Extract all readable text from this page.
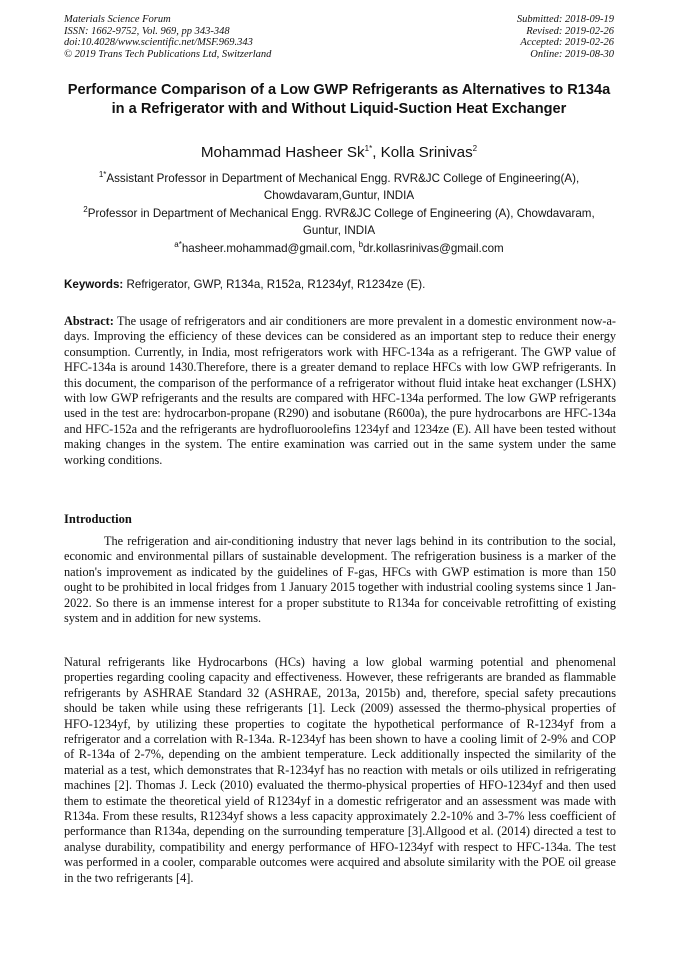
Materials Science Forum
ISSN: 1662-9752, Vol. 969, pp 343-348
doi:10.4028/www.scientific.net/MSF.969.343
© 2019 Trans Tech Publications Ltd, Switzerland
Submitted: 2018-09-19
Revised: 2019-02-26
Accepted: 2019-02-26
Online: 2019-08-30
Performance Comparison of a Low GWP Refrigerants as Alternatives to R134a in a Refrigerator with and Without Liquid-Suction Heat Exchanger
Mohammad Hasheer $Sk^{1*}$, Kolla Srinivas$^2$
$^{1*}$Assistant Professor in Department of Mechanical Engg. RVR&JC College of Engineering(A), Chowdavaram,Guntur, INDIA
$^2$Professor in Department of Mechanical Engg. RVR&JC College of Engineering (A), Chowdavaram, Guntur, INDIA
$^{a*}$hasheer.mohammad@gmail.com, $^b$dr.kollasrinivas@gmail.com
Keywords: Refrigerator, GWP, R134a, R152a, R1234yf, R1234ze (E).
Abstract: The usage of refrigerators and air conditioners are more prevalent in a domestic environment now-a-days. Improving the efficiency of these devices can be considered as an important step to reduce their energy consumption. Currently, in India, most refrigerators work with HFC-134a as a refrigerant. The GWP value of HFC-134a is around 1430.Therefore, there is a greater demand to replace HFCs with low GWP refrigerants. In this document, the comparison of the performance of a refrigerator without fluid intake heat exchanger (LSHX) with low GWP refrigerants and the results are compared with HFC-134a performed. The low GWP refrigerants used in the test are: hydrocarbon-propane (R290) and isobutane (R600a), the pure hydrocarbons are HFC-134a and HFC-152a and the refrigerants are hydrofluoroolefins 1234yf and 1234ze (E). All have been tested without making changes in the system. The entire examination was carried out in the same system under the same working conditions.
Introduction
The refrigeration and air-conditioning industry that never lags behind in its contribution to the social, economic and environmental pillars of sustainable development. The refrigeration business is a marker of the nation's improvement as indicated by the guidelines of F-gas, HFCs with GWP estimation is more than 150 ought to be prohibited in local fridges from 1 January 2015 together with industrial cooling systems since 1 Jan-2022. So there is an immense interest for a proper substitute to R134a for conceivable retrofitting of existing system and in addition for new systems.
Natural refrigerants like Hydrocarbons (HCs) having a low global warming potential and phenomenal properties regarding cooling capacity and effectiveness. However, these refrigerants are branded as flammable refrigerants by ASHRAE Standard 32 (ASHRAE, 2013a, 2015b) and, therefore, special safety precautions should be taken while using these refrigerants [1]. Leck (2009) assessed the thermo-physical properties of HFO-1234yf, by utilizing these properties to cogitate the hypothetical performance of R-1234yf from a refrigerator and a correlation with R-134a. R-1234yf has been shown to have a cooling limit of 2-9% and COP of R-134a of 2-7%, depending on the ambient temperature. Leck additionally inspected the similarity of the material as a test, which demonstrates that R-1234yf has no reaction with metals or oils utilized in refrigerating machines [2]. Thomas J. Leck (2010) evaluated the thermo-physical properties of HFO-1234yf and then used them to estimate the theoretical yield of R1234yf in a domestic refrigerator and an assessment was made with R134a. From these results, R1234yf shows a less capacity approximately 2.2-10% and 3-7% less coefficient of performance than R134a, depending on the surrounding temperature [3].Allgood et al. (2014) directed a test to analyse durability, compatibility and energy performance of HFO-1234yf with respect to HFC-134a. The test was performed in a cooler, comparable outcomes were acquired and absolute similarity with the POE oil grease in the two refrigerants [4].
